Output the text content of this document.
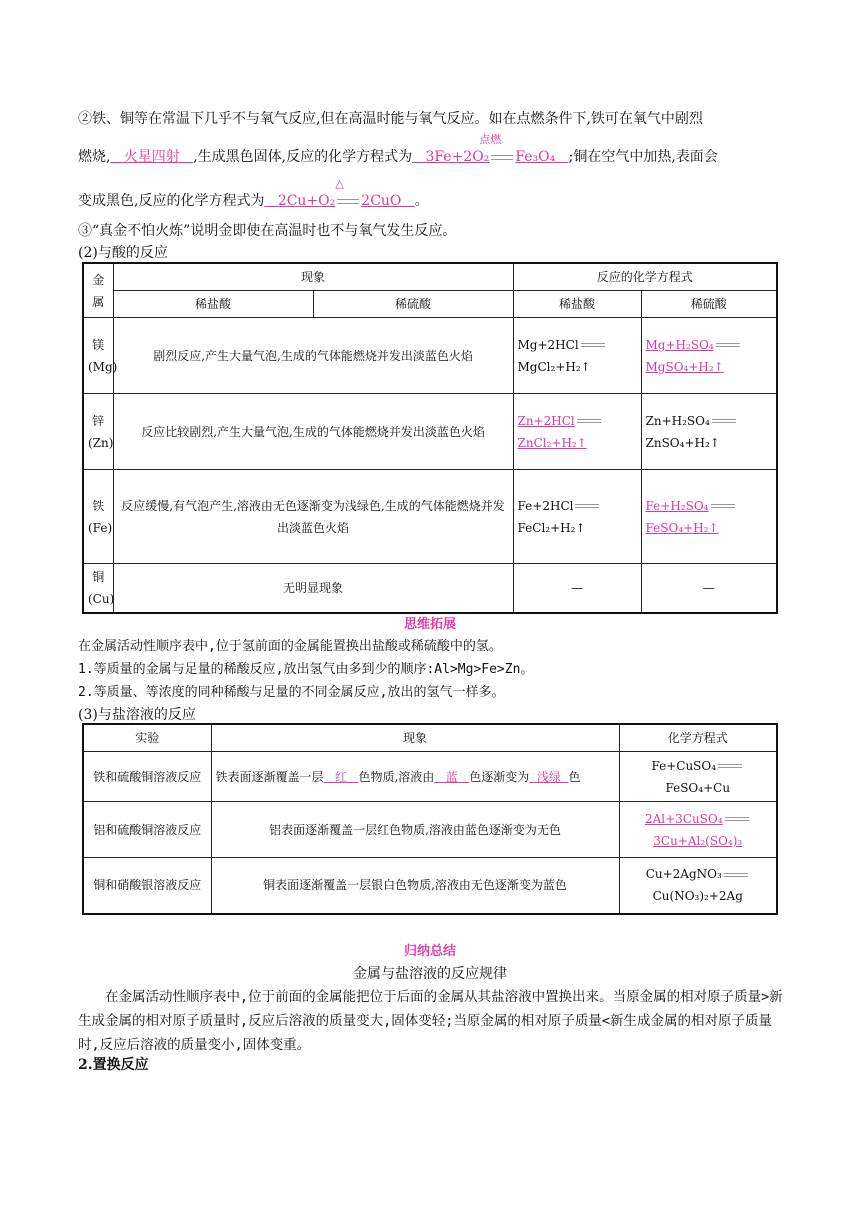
②铁、铜等在常温下几乎不与氧气反应,但在高温时能与氧气反应。如在点燃条件下,铁可在氧气中剧烈
燃烧, 火星四射 ,生成黑色固体,反应的化学方程式为 3Fe+2O₂
点燃
Fe₃O₄ ;铜在空气中加热,表面会
变成黑色,反应的化学方程式为 2Cu+O₂
△
2CuO 。
③“真金不怕火炼”说明金即使在高温时也不与氧气发生反应。
(2)与酸的反应
金属	现象		反应的化学方程式	
	稀盐酸	稀硫酸	稀盐酸	稀硫酸
镁
(Mg)	剧烈反应,产生大量气泡,生成的气体能燃烧并发出淡蓝色火焰		Mg+2HClMgCl₂+H₂↑	Mg+H₂SO₄MgSO₄+H₂↑
锌
(Zn)	反应比较剧烈,产生大量气泡,生成的气体能燃烧并发出淡蓝色火焰		Zn+2HClZnCl₂+H₂↑	Zn+H₂SO₄ZnSO₄+H₂↑
铁
(Fe)	反应缓慢,有气泡产生,溶液由无色逐渐变为浅绿色,生成的气体能燃烧并发出淡蓝色火焰		Fe+2HClFeCl₂+H₂↑	Fe+H₂SO₄FeSO₄+H₂↑
铜
(Cu)	无明显现象		—	—
思维拓展
在金属活动性顺序表中,位于氢前面的金属能置换出盐酸或稀硫酸中的氢。
1.等质量的金属与足量的稀酸反应,放出氢气由多到少的顺序:Al>Mg>Fe>Zn。
2.等质量、等浓度的同种稀酸与足量的不同金属反应,放出的氢气一样多。
(3)与盐溶液的反应
实验	现象	化学方程式
铁和硫酸铜溶液反应	铁表面逐渐覆盖一层 红 色物质,溶液由 蓝 色逐渐变为 浅绿 色	Fe+CuSO₄FeSO₄+Cu
铝和硫酸铜溶液反应	铝表面逐渐覆盖一层红色物质,溶液由蓝色逐渐变为无色	2Al+3CuSO₄3Cu+Al₂(SO₄)₃
铜和硝酸银溶液反应	铜表面逐渐覆盖一层银白色物质,溶液由无色逐渐变为蓝色	Cu+2AgNO₃Cu(NO₃)₂+2Ag
归纳总结
金属与盐溶液的反应规律
在金属活动性顺序表中,位于前面的金属能把位于后面的金属从其盐溶液中置换出来。当原金属的相对原子质量>新生成金属的相对原子质量时,反应后溶液的质量变大,固体变轻;当原金属的相对原子质量<新生成金属的相对原子质量时,反应后溶液的质量变小,固体变重。
2.置换反应
